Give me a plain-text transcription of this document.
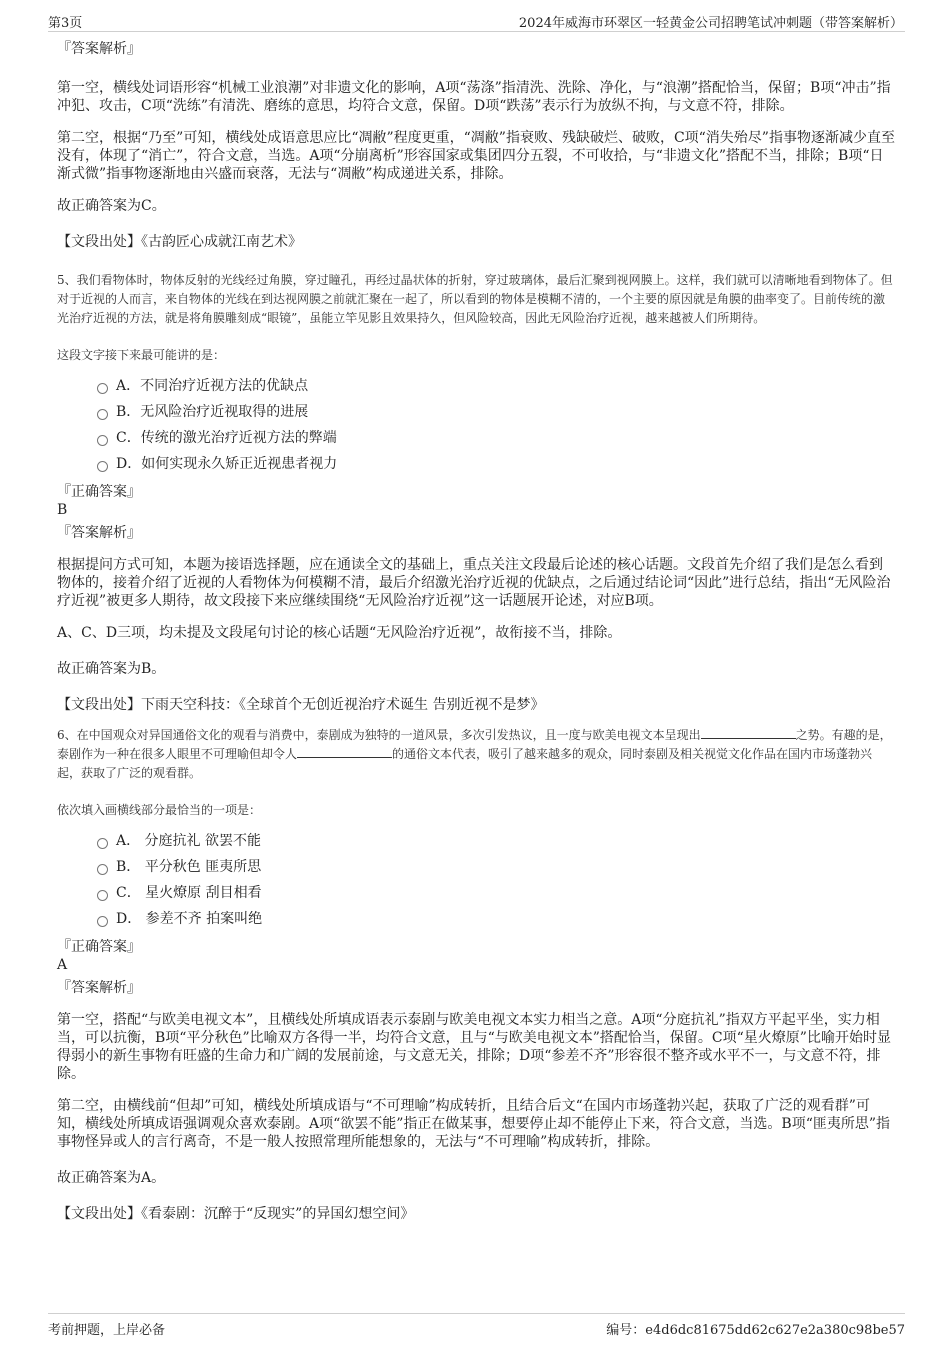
第3页	2024年威海市环翠区一轻黄金公司招聘笔试冲刺题（带答案解析）

『答案解析』

第一空，横线处词语形容“机械工业浪潮”对非遗文化的影响，A项“荡涤”指清洗、洗除、净化，与“浪潮”搭配恰当，保留；B项“冲击”指冲犯、攻击，C项“洗练”有清洗、磨练的意思，均符合文意，保留。D项“跌荡”表示行为放纵不拘，与文意不符，排除。

第二空，根据“乃至”可知，横线处成语意思应比“凋敝”程度更重，“凋敝”指衰败、残缺破烂、破败，C项“消失殆尽”指事物逐渐减少直至没有，体现了“消亡”，符合文意，当选。A项“分崩离析”形容国家或集团四分五裂，不可收拾，与“非遗文化”搭配不当，排除；B项“日渐式微”指事物逐渐地由兴盛而衰落，无法与“凋敝”构成递进关系，排除。

故正确答案为C。

【文段出处】《古韵匠心成就江南艺术》

5、我们看物体时，物体反射的光线经过角膜，穿过瞳孔，再经过晶状体的折射，穿过玻璃体，最后汇聚到视网膜上。这样，我们就可以清晰地看到物体了。但对于近视的人而言，来自物体的光线在到达视网膜之前就汇聚在一起了，所以看到的物体是模糊不清的，一个主要的原因就是角膜的曲率变了。目前传统的激光治疗近视的方法，就是将角膜雕刻成“眼镜”，虽能立竿见影且效果持久，但风险较高，因此无风险治疗近视，越来越被人们所期待。

这段文字接下来最可能讲的是：

A．不同治疗近视方法的优缺点
B．无风险治疗近视取得的进展
C．传统的激光治疗近视方法的弊端
D．如何实现永久矫正近视患者视力

『正确答案』

B

『答案解析』

根据提问方式可知，本题为接语选择题，应在通读全文的基础上，重点关注文段最后论述的核心话题。文段首先介绍了我们是怎么看到物体的，接着介绍了近视的人看物体为何模糊不清，最后介绍激光治疗近视的优缺点，之后通过结论词“因此”进行总结，指出“无风险治疗近视”被更多人期待，故文段接下来应继续围绕“无风险治疗近视”这一话题展开论述，对应B项。

A、C、D三项，均未提及文段尾句讨论的核心话题“无风险治疗近视”，故衔接不当，排除。

故正确答案为B。

【文段出处】下雨天空科技：《全球首个无创近视治疗术诞生 告别近视不是梦》

6、在中国观众对异国通俗文化的观看与消费中，泰剧成为独特的一道风景，多次引发热议，且一度与欧美电视文本呈现出	之势。有趣的是，泰剧作为一种在很多人眼里不可理喻但却令人	的通俗文本代表，吸引了越来越多的观众，同时泰剧及相关视觉文化作品在国内市场蓬勃兴起，获取了广泛的观看群。

依次填入画横线部分最恰当的一项是：

A． 分庭抗礼 欲罢不能
B． 平分秋色 匪夷所思
C． 星火燎原 刮目相看
D． 参差不齐 拍案叫绝

『正确答案』

A

『答案解析』

第一空，搭配“与欧美电视文本”，且横线处所填成语表示泰剧与欧美电视文本实力相当之意。A项“分庭抗礼”指双方平起平坐，实力相当，可以抗衡，B项“平分秋色”比喻双方各得一半，均符合文意，且与“与欧美电视文本”搭配恰当，保留。C项“星火燎原”比喻开始时显得弱小的新生事物有旺盛的生命力和广阔的发展前途，与文意无关，排除；D项“参差不齐”形容很不整齐或水平不一，与文意不符，排除。

第二空，由横线前“但却”可知，横线处所填成语与“不可理喻”构成转折，且结合后文“在国内市场蓬勃兴起，获取了广泛的观看群”可知，横线处所填成语强调观众喜欢泰剧。A项“欲罢不能”指正在做某事，想要停止却不能停止下来，符合文意，当选。B项“匪夷所思”指事物怪异或人的言行离奇，不是一般人按照常理所能想象的，无法与“不可理喻”构成转折，排除。

故正确答案为A。

【文段出处】《看泰剧：沉醉于“反现实”的异国幻想空间》

考前押题，上岸必备	编号：e4d6dc81675dd62c627e2a380c98be57
